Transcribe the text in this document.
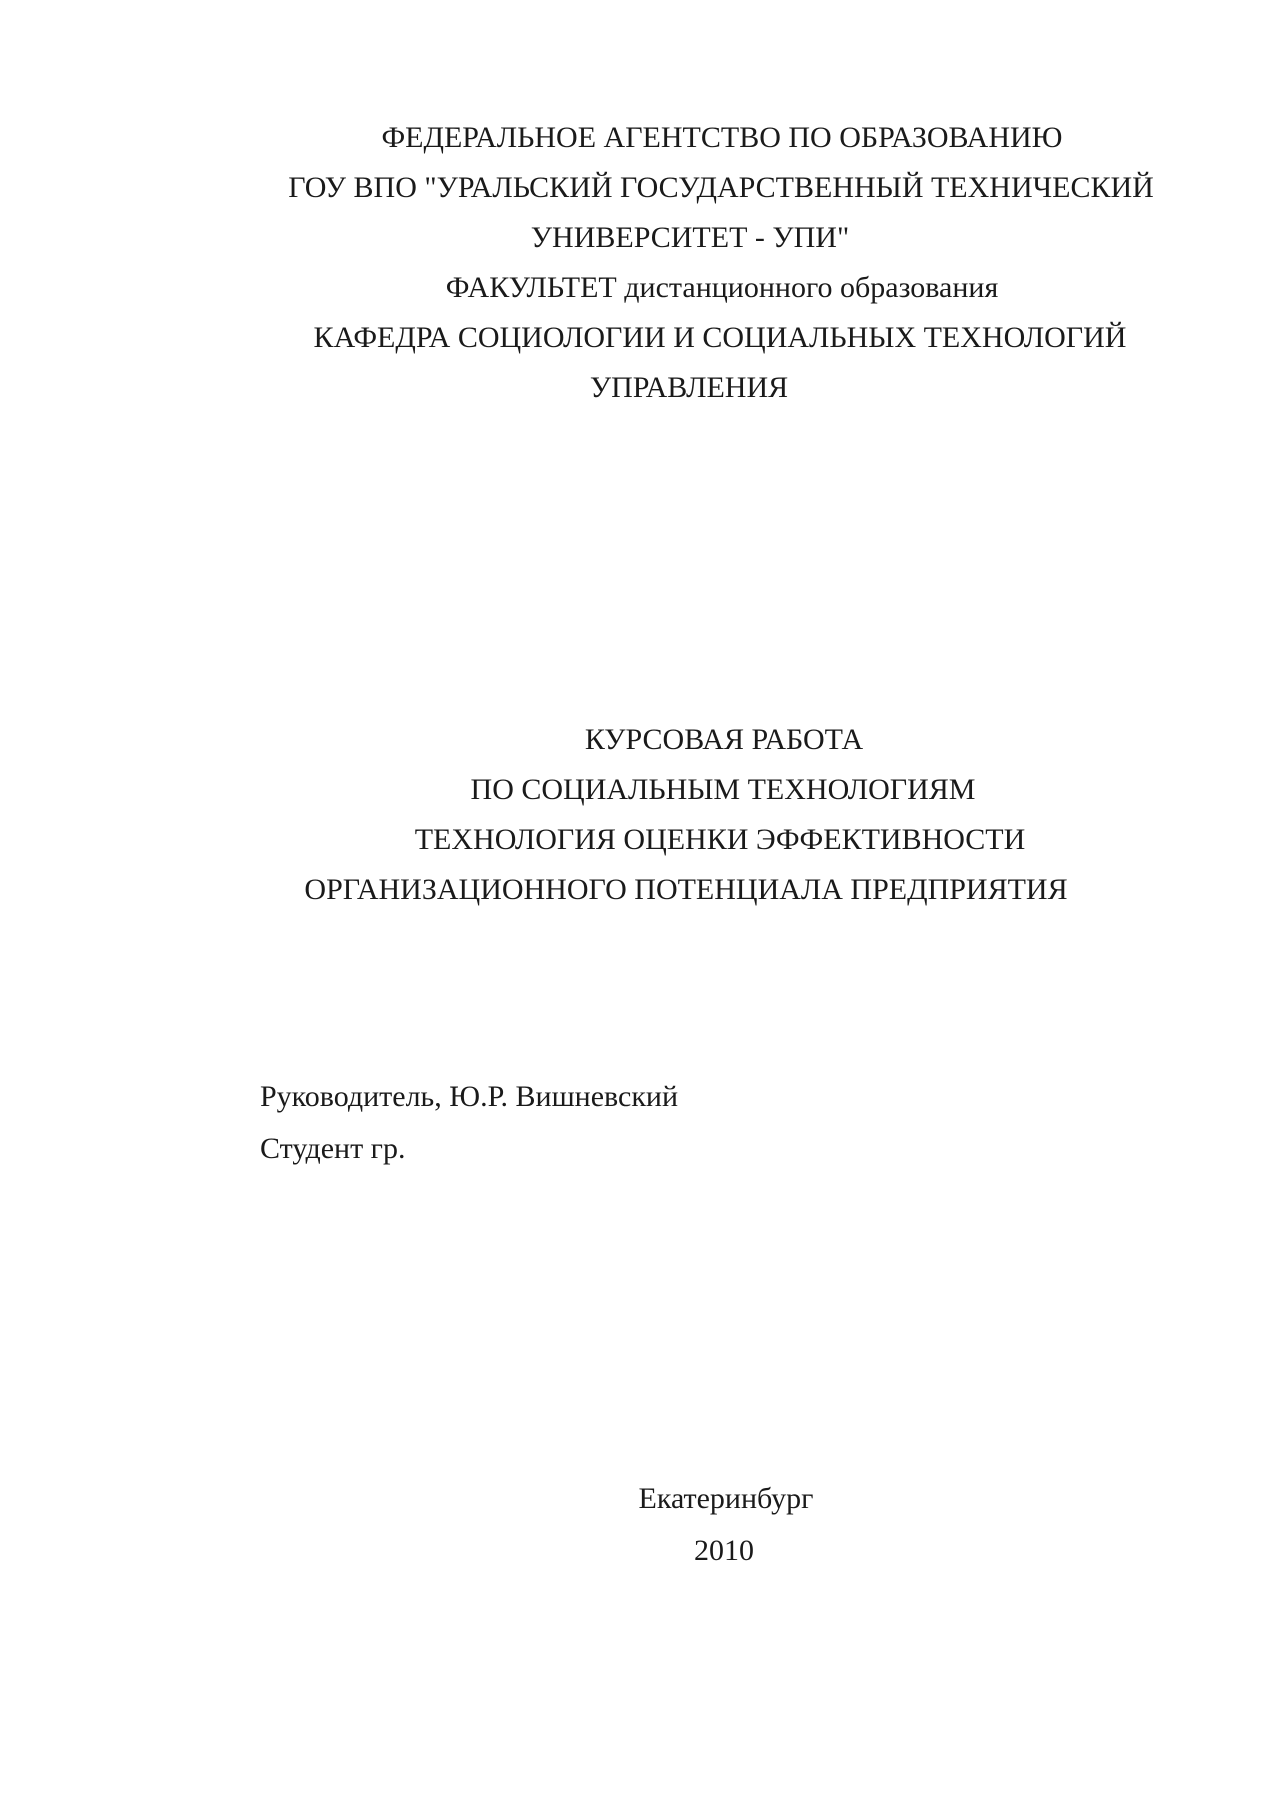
ФЕДЕРАЛЬНОЕ АГЕНТСТВО ПО ОБРАЗОВАНИЮ
ГОУ ВПО "УРАЛЬСКИЙ ГОСУДАРСТВЕННЫЙ ТЕХНИЧЕСКИЙ
УНИВЕРСИТЕТ - УПИ"
ФАКУЛЬТЕТ дистанционного образования
КАФЕДРА СОЦИОЛОГИИ И СОЦИАЛЬНЫХ ТЕХНОЛОГИЙ
УПРАВЛЕНИЯ
КУРСОВАЯ РАБОТА
ПО СОЦИАЛЬНЫМ ТЕХНОЛОГИЯМ
ТЕХНОЛОГИЯ ОЦЕНКИ ЭФФЕКТИВНОСТИ
ОРГАНИЗАЦИОННОГО ПОТЕНЦИАЛА ПРЕДПРИЯТИЯ
Руководитель, Ю.Р. Вишневский
Студент гр.
Екатеринбург
2010
